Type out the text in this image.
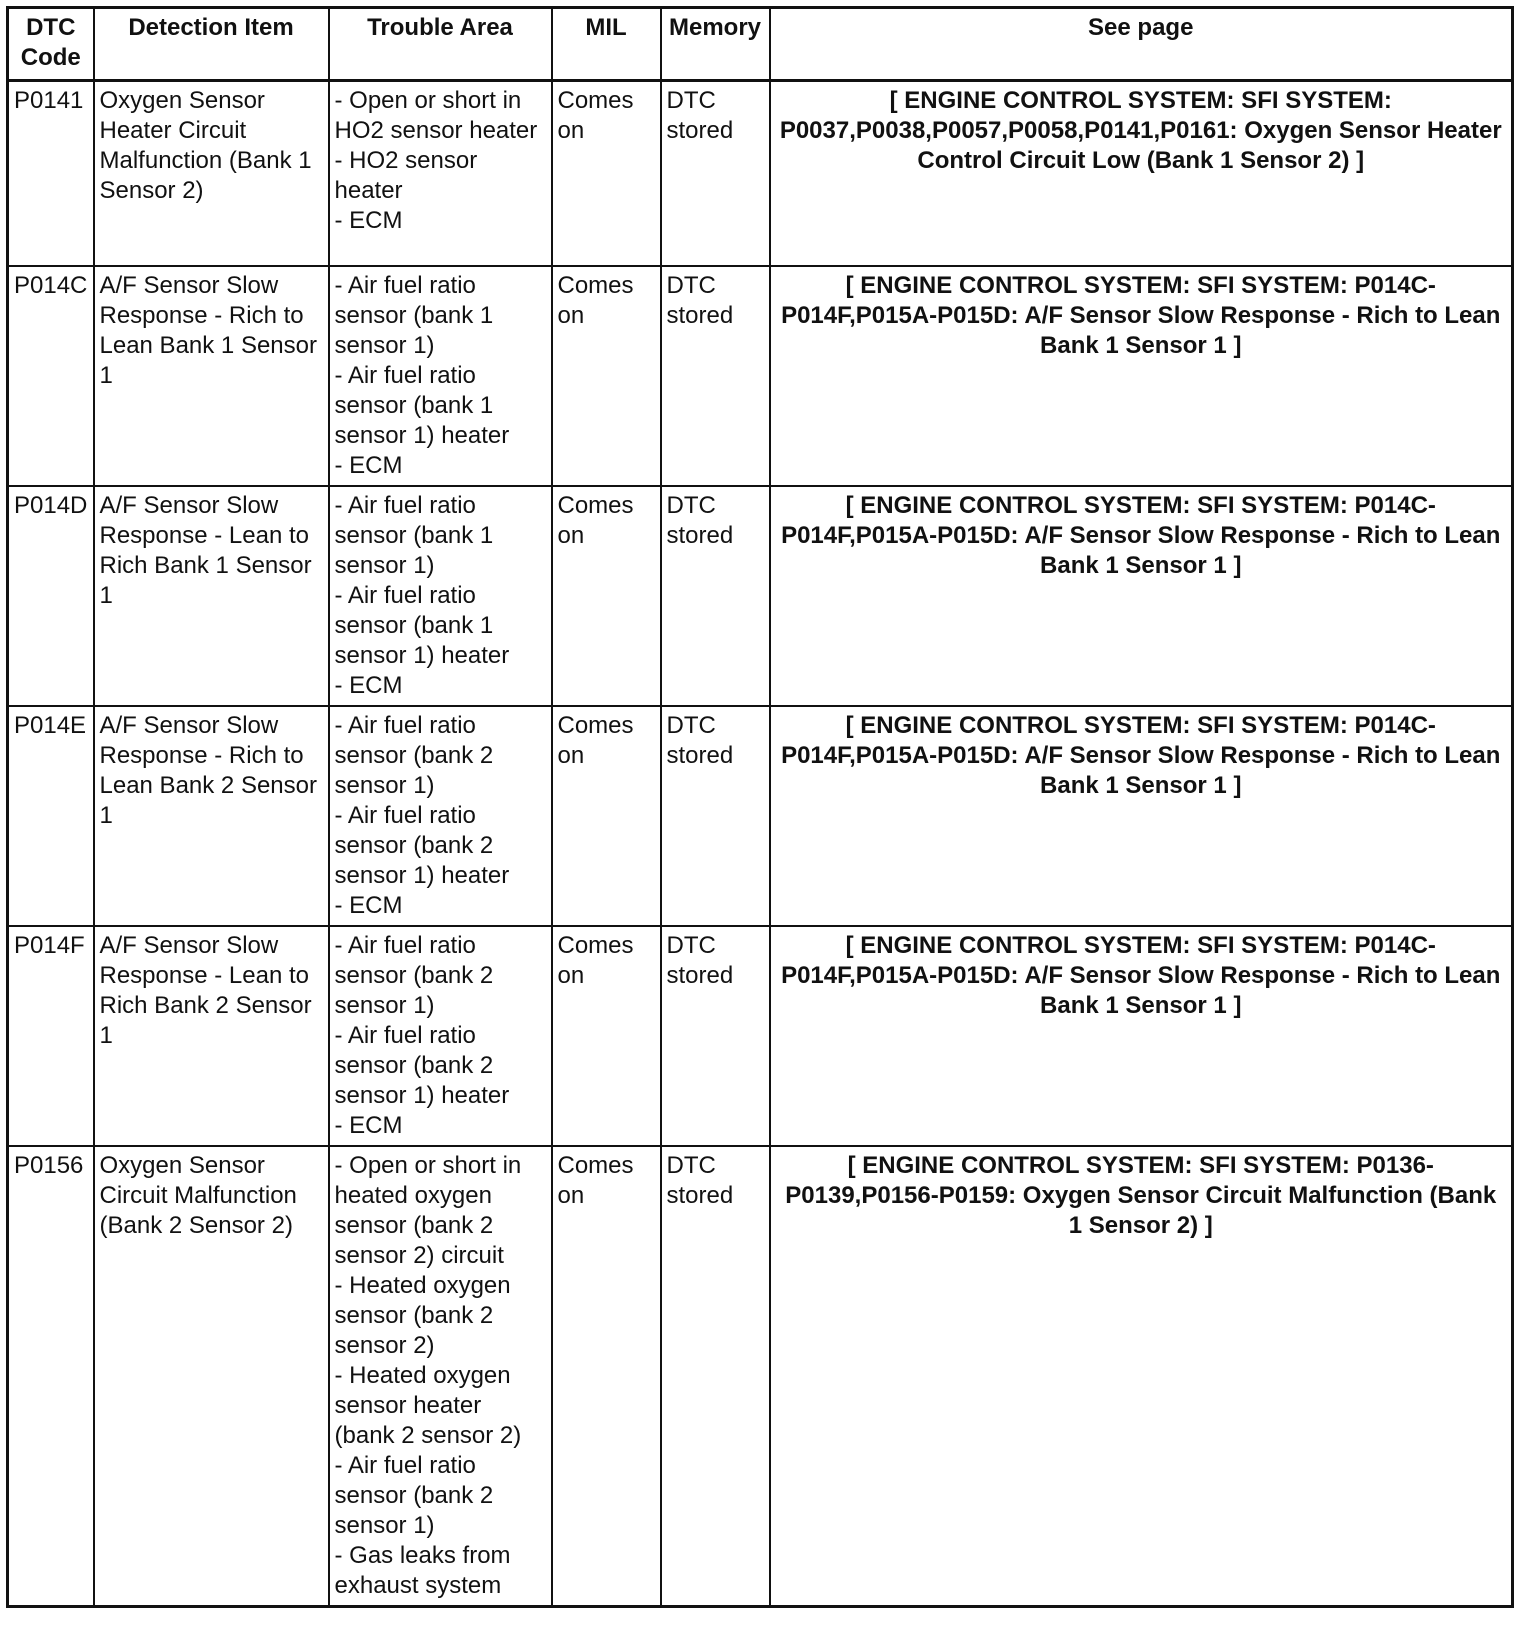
DTC
Code	Detection Item	Trouble Area	MIL	Memory	See page
P0141	Oxygen Sensor Heater Circuit Malfunction (Bank 1 Sensor 2)	- Open or short in HO2 sensor heater
- HO2 sensor heater
- ECM	Comes on	DTC stored	[ ENGINE CONTROL SYSTEM: SFI SYSTEM: P0037,P0038,P0057,P0058,P0141,P0161: Oxygen Sensor Heater Control Circuit Low (Bank 1 Sensor 2) ]
P014C	A/F Sensor Slow Response - Rich to Lean Bank 1 Sensor 1	- Air fuel ratio sensor (bank 1 sensor 1)
- Air fuel ratio sensor (bank 1 sensor 1) heater
- ECM	Comes on	DTC stored	[ ENGINE CONTROL SYSTEM: SFI SYSTEM: P014C-P014F,P015A-P015D: A/F Sensor Slow Response - Rich to Lean Bank 1 Sensor 1 ]
P014D	A/F Sensor Slow Response - Lean to Rich Bank 1 Sensor 1	- Air fuel ratio sensor (bank 1 sensor 1)
- Air fuel ratio sensor (bank 1 sensor 1) heater
- ECM	Comes on	DTC stored	[ ENGINE CONTROL SYSTEM: SFI SYSTEM: P014C-P014F,P015A-P015D: A/F Sensor Slow Response - Rich to Lean Bank 1 Sensor 1 ]
P014E	A/F Sensor Slow Response - Rich to Lean Bank 2 Sensor 1	- Air fuel ratio sensor (bank 2 sensor 1)
- Air fuel ratio sensor (bank 2 sensor 1) heater
- ECM	Comes on	DTC stored	[ ENGINE CONTROL SYSTEM: SFI SYSTEM: P014C-P014F,P015A-P015D: A/F Sensor Slow Response - Rich to Lean Bank 1 Sensor 1 ]
P014F	A/F Sensor Slow Response - Lean to Rich Bank 2 Sensor 1	- Air fuel ratio sensor (bank 2 sensor 1)
- Air fuel ratio sensor (bank 2 sensor 1) heater
- ECM	Comes on	DTC stored	[ ENGINE CONTROL SYSTEM: SFI SYSTEM: P014C-P014F,P015A-P015D: A/F Sensor Slow Response - Rich to Lean Bank 1 Sensor 1 ]
P0156	Oxygen Sensor Circuit Malfunction (Bank 2 Sensor 2)	- Open or short in heated oxygen sensor (bank 2 sensor 2) circuit
- Heated oxygen sensor (bank 2 sensor 2)
- Heated oxygen sensor heater (bank 2 sensor 2)
- Air fuel ratio sensor (bank 2 sensor 1)
- Gas leaks from exhaust system	Comes on	DTC stored	[ ENGINE CONTROL SYSTEM: SFI SYSTEM: P0136-P0139,P0156-P0159: Oxygen Sensor Circuit Malfunction (Bank 1 Sensor 2) ]
